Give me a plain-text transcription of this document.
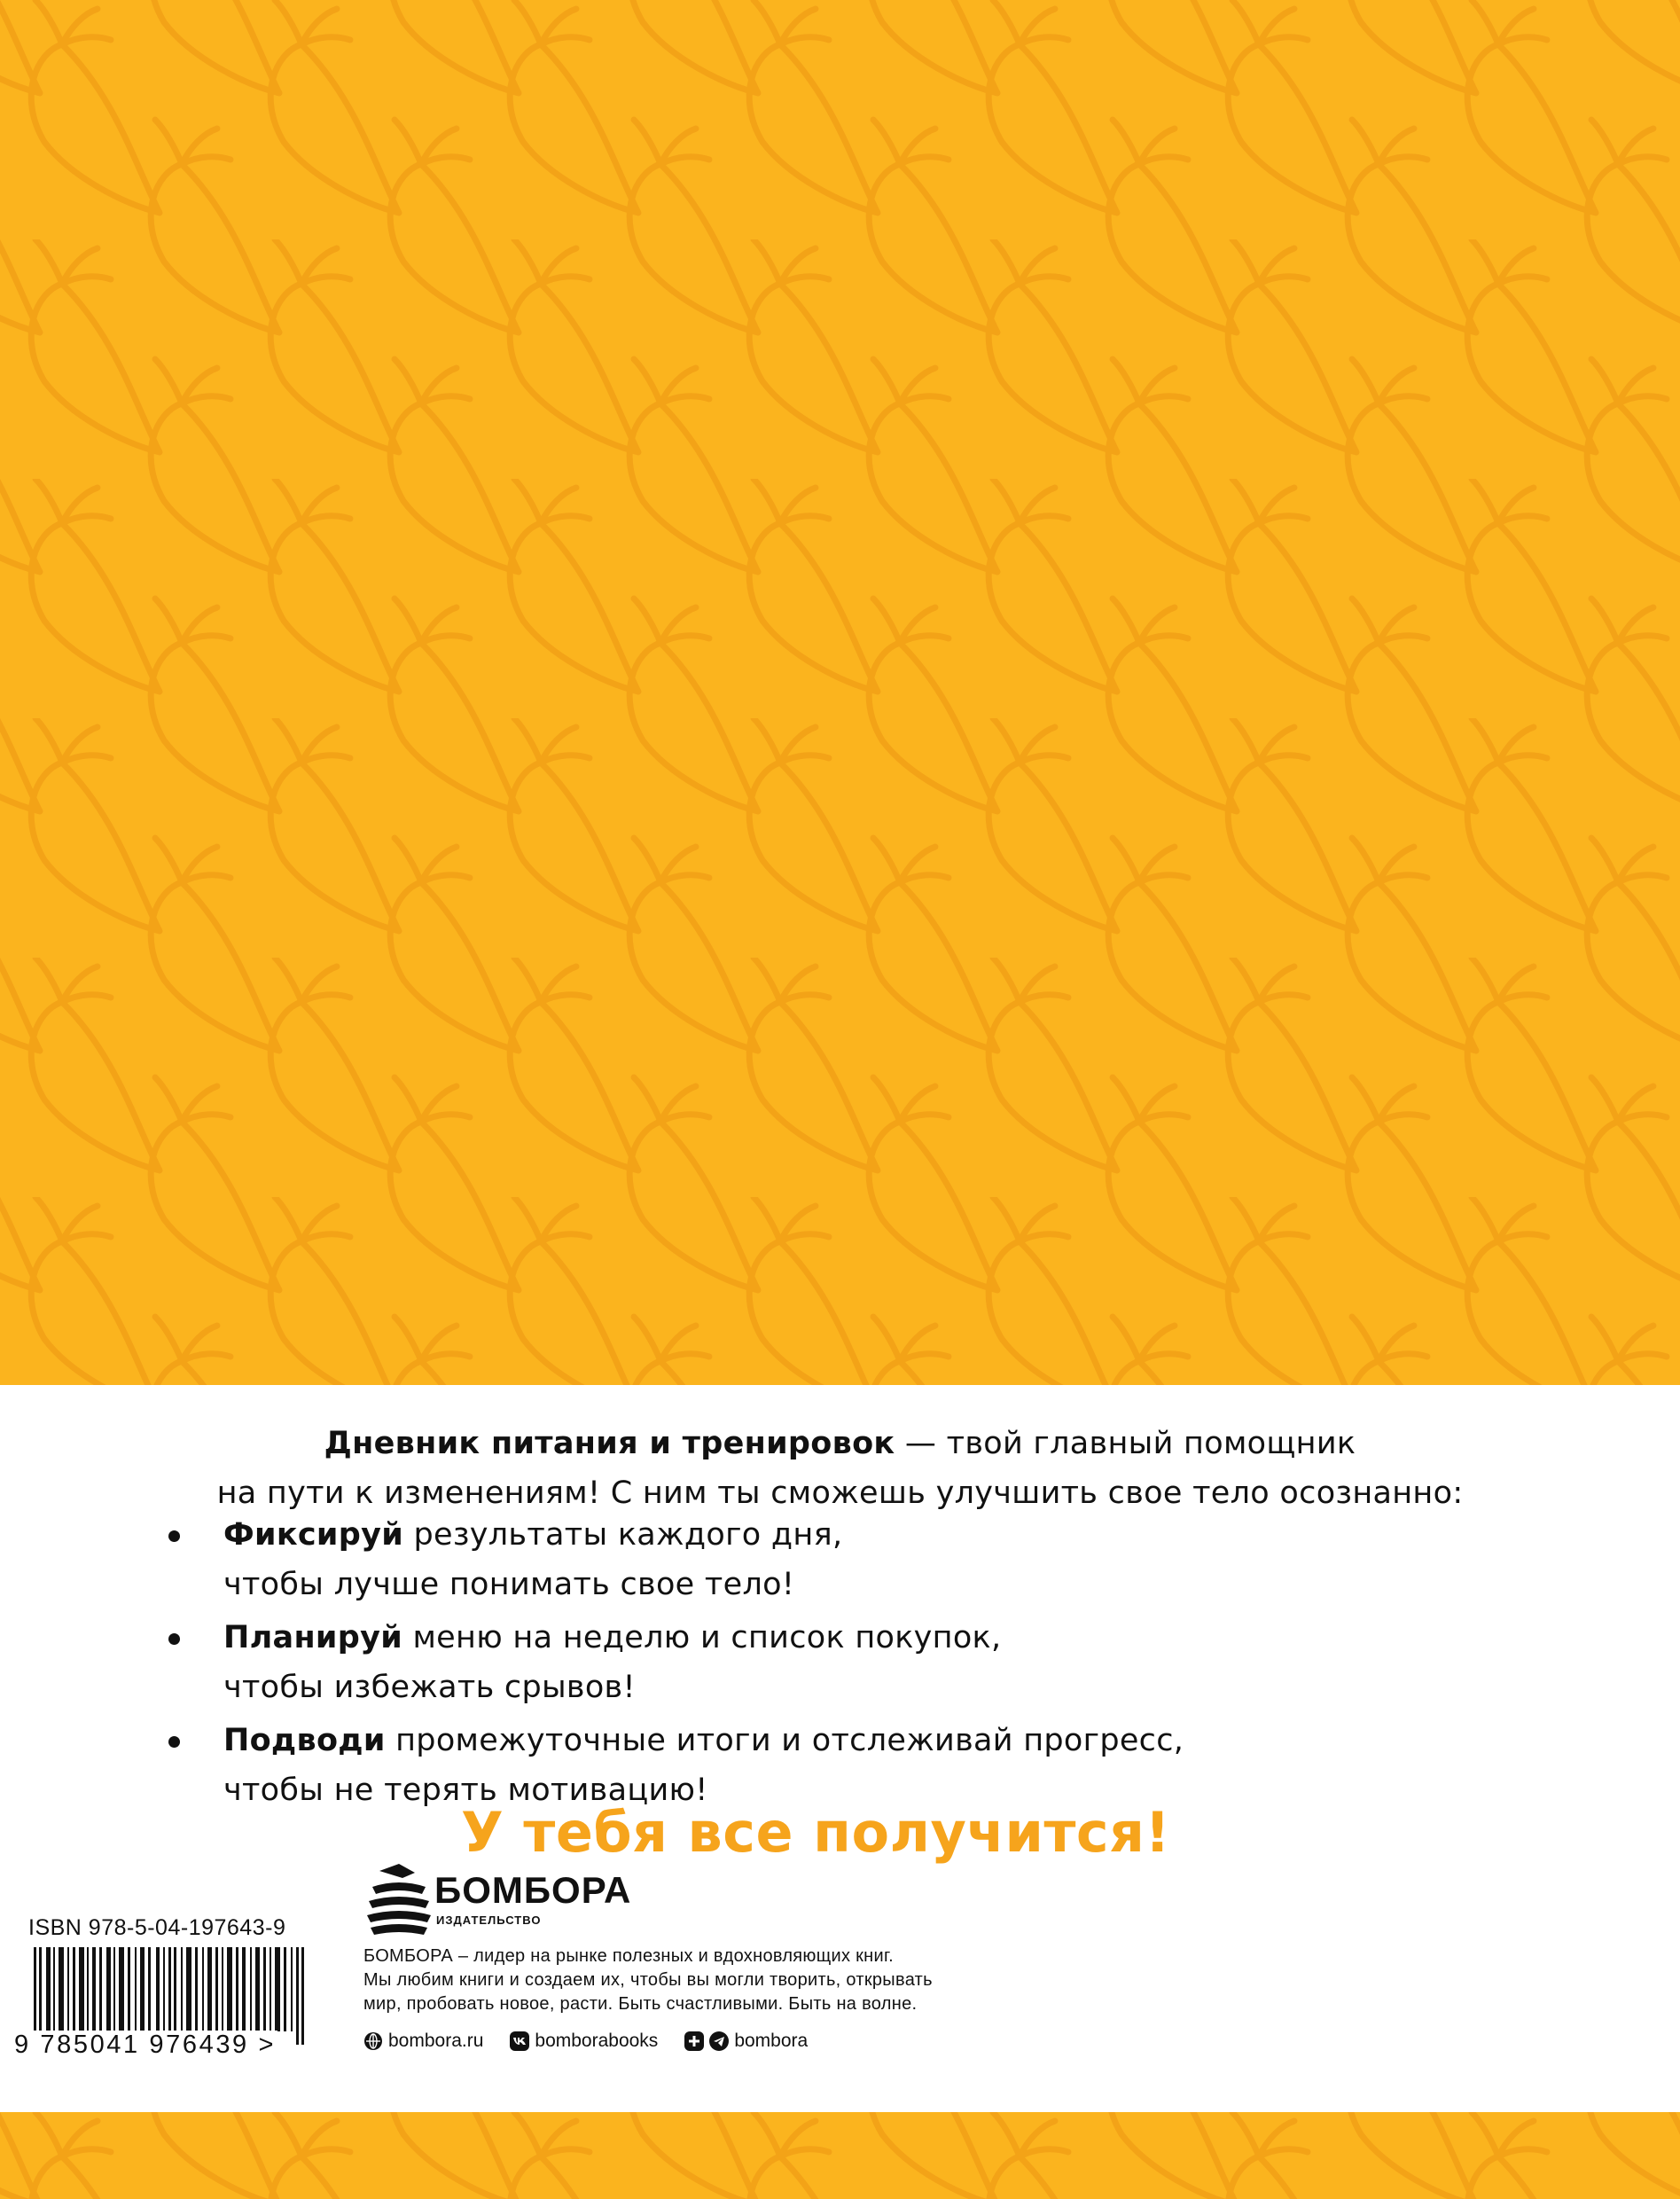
Дневник питания и тренировок — твой главный помощник
на пути к изменениям! С ним ты сможешь улучшить свое тело осознанно:
Фиксируй результаты каждого дня,
чтобы лучше понимать свое тело!
Планируй меню на неделю и список покупок,
чтобы избежать срывов!
Подводи промежуточные итоги и отслеживай прогресс,
чтобы не терять мотивацию!
У тебя все получится!
ISBN 978-5-04-197643-9
9 785041 976439 >
БОМБОРА
ИЗДАТЕЛЬСТВО
БОМБОРА – лидер на рынке полезных и вдохновляющих книг.
Мы любим книги и создаем их, чтобы вы могли творить, открывать
мир, пробовать новое, расти. Быть счастливыми. Быть на волне.
bombora.ru	bomborabooks	bombora
